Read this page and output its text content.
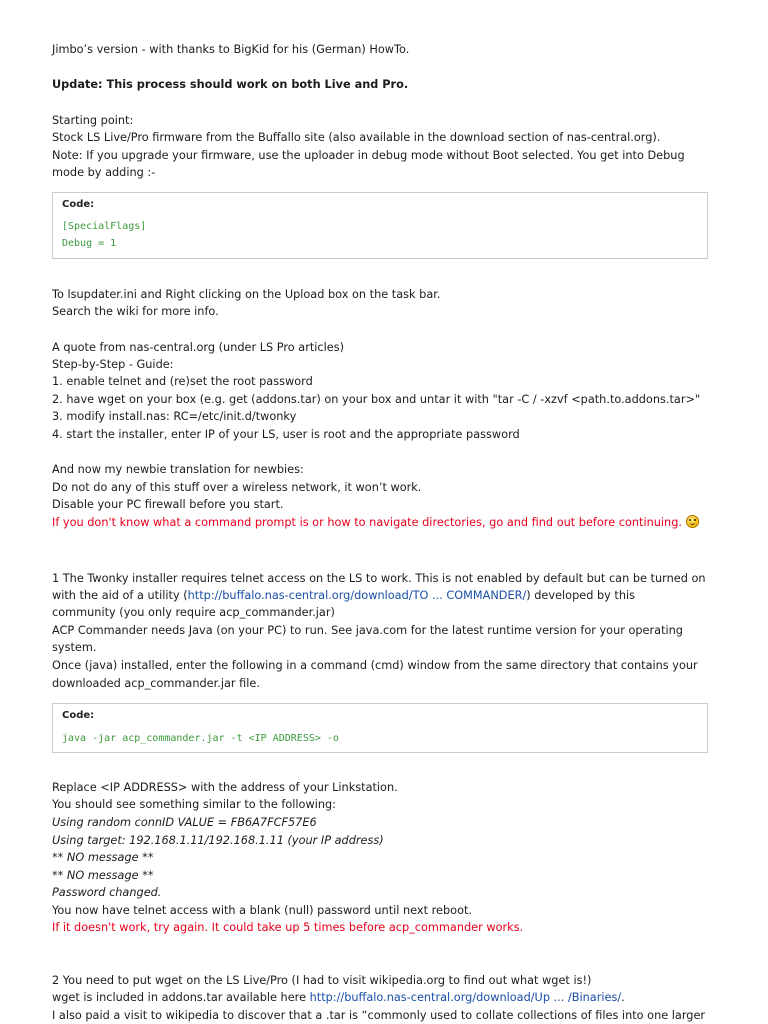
Jimbo’s version - with thanks to BigKid for his (German) HowTo.
Update: This process should work on both Live and Pro.
Starting point:
Stock LS Live/Pro firmware from the Buffallo site (also available in the download section of nas-central.org).
Note: If you upgrade your firmware, use the uploader in debug mode without Boot selected. You get into Debug
mode by adding :-
To lsupdater.ini and Right clicking on the Upload box on the task bar.
Search the wiki for more info.
A quote from nas-central.org (under LS Pro articles)
Step-by-Step - Guide:
1. enable telnet and (re)set the root password
2. have wget on your box (e.g. get (addons.tar) on your box and untar it with "tar -C / -xzvf <path.to.addons.tar>"
3. modify install.nas: RC=/etc/init.d/twonky
4. start the installer, enter IP of your LS, user is root and the appropriate password
And now my newbie translation for newbies:
Do not do any of this stuff over a wireless network, it won’t work.
Disable your PC firewall before you start.
If you don't know what a command prompt is or how to navigate directories, go and find out before continuing.
1 The Twonky installer requires telnet access on the LS to work. This is not enabled by default but can be turned on
with the aid of a utility (http://buffalo.nas-central.org/download/TO ... COMMANDER/) developed by this
community (you only require acp_commander.jar)
ACP Commander needs Java (on your PC) to run. See java.com for the latest runtime version for your operating
system.
Once (java) installed, enter the following in a command (cmd) window from the same directory that contains your
downloaded acp_commander.jar file.
Replace <IP ADDRESS> with the address of your Linkstation.
You should see something similar to the following:
Using random connID VALUE = FB6A7FCF57E6
Using target: 192.168.1.11/192.168.1.11 (your IP address)
** NO message **
** NO message **
Password changed.
You now have telnet access with a blank (null) password until next reboot.
If it doesn't work, try again. It could take up 5 times before acp_commander works.
2 You need to put wget on the LS Live/Pro (I had to visit wikipedia.org to find out what wget is!)
wget is included in addons.tar available here http://buffalo.nas-central.org/download/Up ... /Binaries/.
I also paid a visit to wikipedia to discover that a .tar is “commonly used to collate collections of files into one larger
Code:
[SpecialFlags]
Debug = 1
Code:
java -jar acp_commander.jar -t <IP ADDRESS> -o
